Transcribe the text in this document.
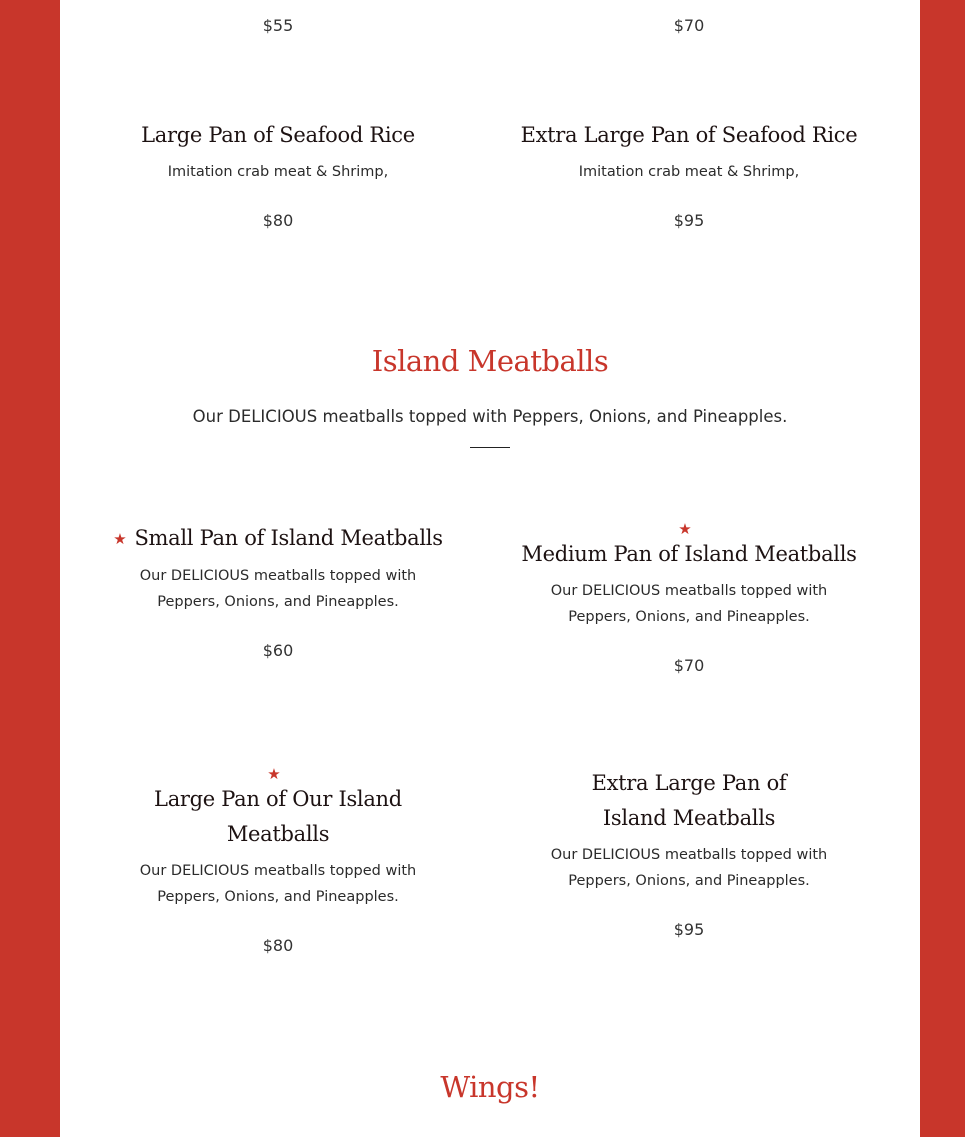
$55	$70
Large Pan of Seafood Rice
Imitation crab meat & Shrimp,
$80
Extra Large Pan of Seafood Rice
Imitation crab meat & Shrimp,
$95
Island Meatballs
Our DELICIOUS meatballs topped with Peppers, Onions, and Pineapples.
★ Small Pan of Island Meatballs
Our DELICIOUS meatballs topped with Peppers, Onions, and Pineapples.
$60
★
Medium Pan of Island Meatballs
Our DELICIOUS meatballs topped with Peppers, Onions, and Pineapples.
$70
★
Large Pan of Our Island Meatballs
Our DELICIOUS meatballs topped with Peppers, Onions, and Pineapples.
$80
Extra Large Pan of Island Meatballs
Our DELICIOUS meatballs topped with Peppers, Onions, and Pineapples.
$95
Wings!
